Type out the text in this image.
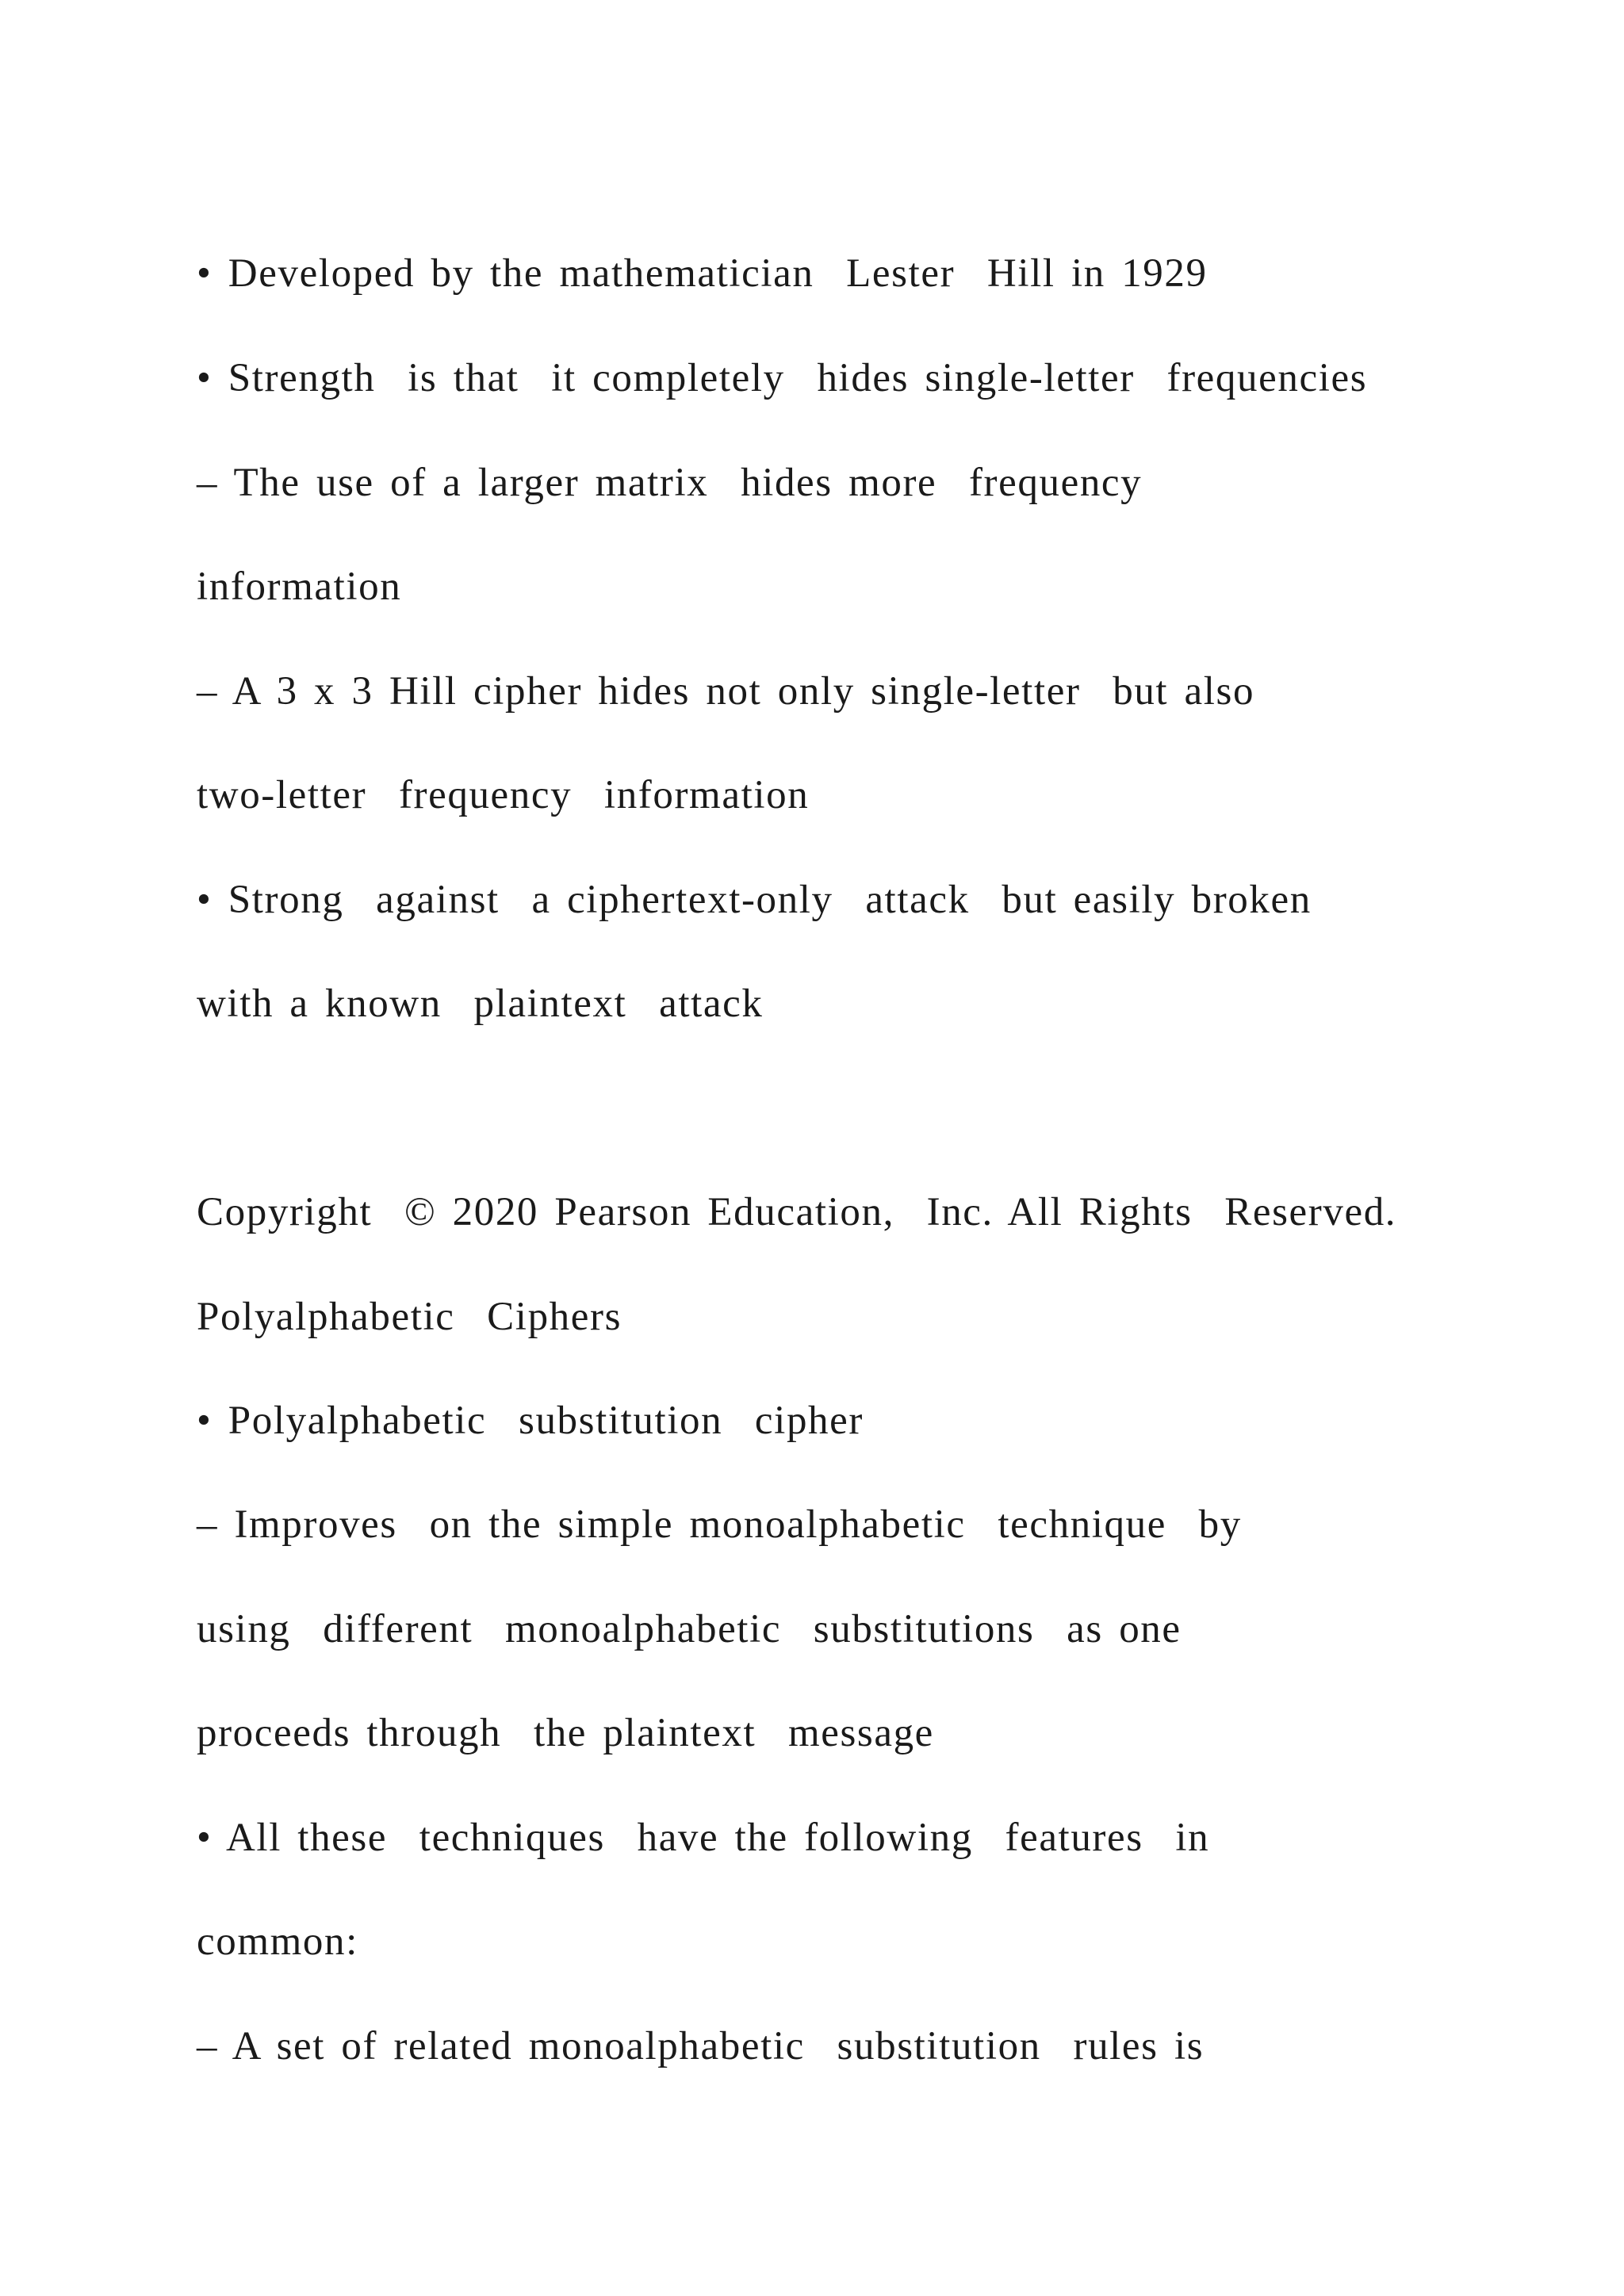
• Developed by the mathematician  Lester  Hill in 1929

• Strength  is that  it completely  hides single-letter  frequencies

– The use of a larger matrix  hides more  frequency

information

– A 3 x 3 Hill cipher hides not only single-letter  but also

two-letter  frequency  information

• Strong  against  a ciphertext-only  attack  but easily broken

with a known  plaintext  attack

Copyright  © 2020 Pearson Education,  Inc. All Rights  Reserved.

Polyalphabetic  Ciphers

• Polyalphabetic  substitution  cipher

– Improves  on the simple monoalphabetic  technique  by

using  different  monoalphabetic  substitutions  as one

proceeds through  the plaintext  message

• All these  techniques  have the following  features  in

common:

– A set of related monoalphabetic  substitution  rules is
